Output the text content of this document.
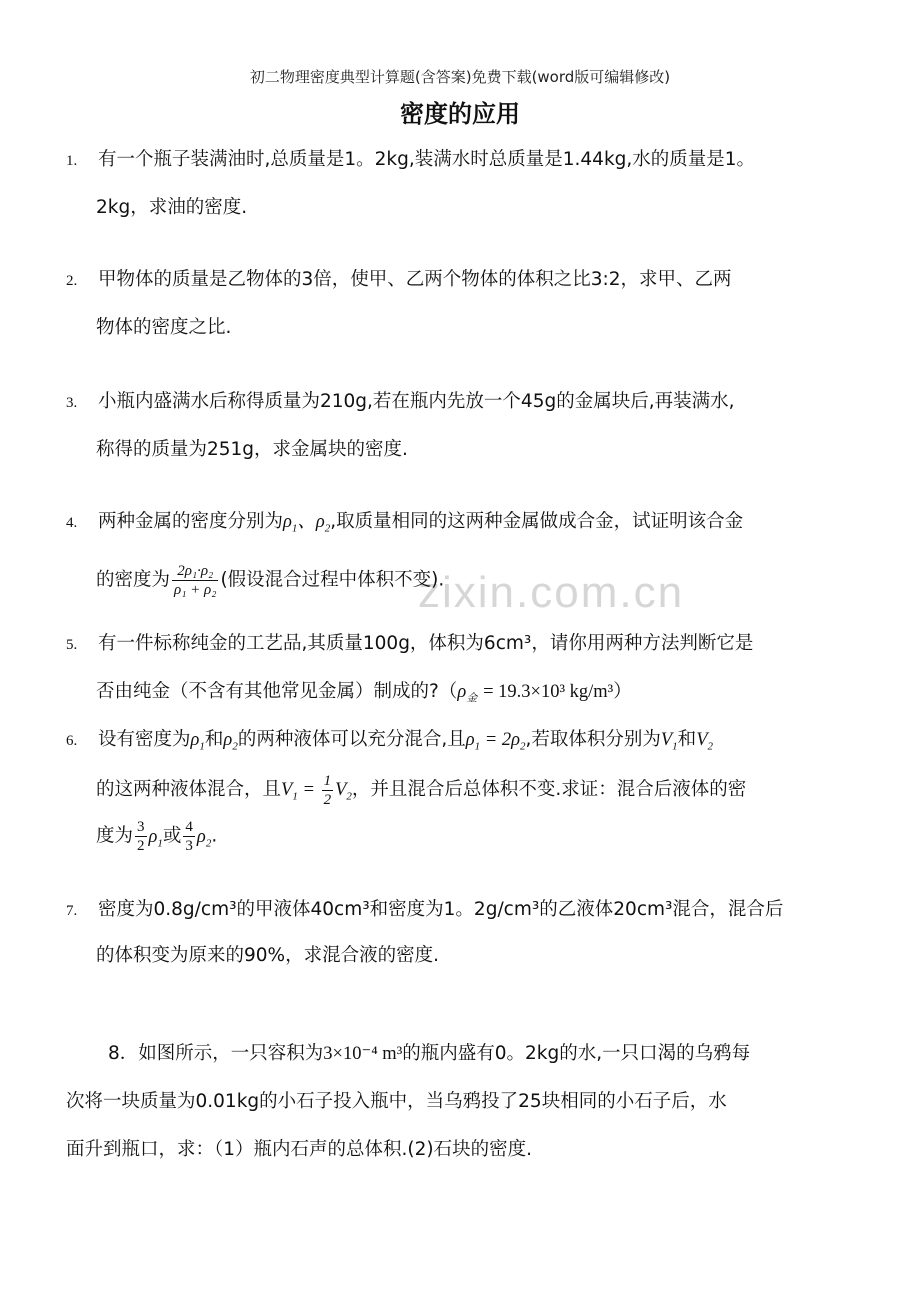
初二物理密度典型计算题(含答案)免费下载(word版可编辑修改)
密度的应用
zixin.com.cn
1. 有一个瓶子装满油时,总质量是1。2kg,装满水时总质量是1.44kg,水的质量是1。
2kg，求油的密度.
2. 甲物体的质量是乙物体的3倍，使甲、乙两个物体的体积之比3:2，求甲、乙两
物体的密度之比.
3. 小瓶内盛满水后称得质量为210g,若在瓶内先放一个45g的金属块后,再装满水,
称得的质量为251g，求金属块的密度.
4. 两种金属的密度分别为$\rho_1$、$\rho_2$,取质量相同的这两种金属做成合金，试证明该合金
的密度为 $\frac{\text{2ρ₁·ρ₂}}{\text{ρ₁ + ρ₂}}$ (假设混合过程中体积不变).
5. 有一件标称纯金的工艺品,其质量100g，体积为6cm³，请你用两种方法判断它是
否由纯金（不含有其他常见金属）制成的$?(\rho_金 = 19.3\times 10^3$ kg/m³）
6. 设有密度为$\rho_1$和$\rho_2$的两种液体可以充分混合,且$\rho_1 = 2\rho_2$,若取体积分别为$V_1$和$V_2$
的这两种液体混合，且$V_1 = \frac{1}{2} V_2$，并且混合后总体积不变.求证：混合后液体的密
度为 $\frac{3}{2} \rho_1$或 $\frac{4}{3} \rho_2$.
7. 密度为0.8g/cm³的甲液体40cm³和密度为1。2g/cm³的乙液体20cm³混合，混合后
的体积变为原来的90%，求混合液的密度.
8．如图所示，一只容积为3×10⁻⁴ m³的瓶内盛有0。2kg的水,一只口渴的乌鸦每
次将一块质量为0.01kg的小石子投入瓶中，当乌鸦投了25块相同的小石子后，水
面升到瓶口，求：（1）瓶内石声的总体积.(2)石块的密度.
